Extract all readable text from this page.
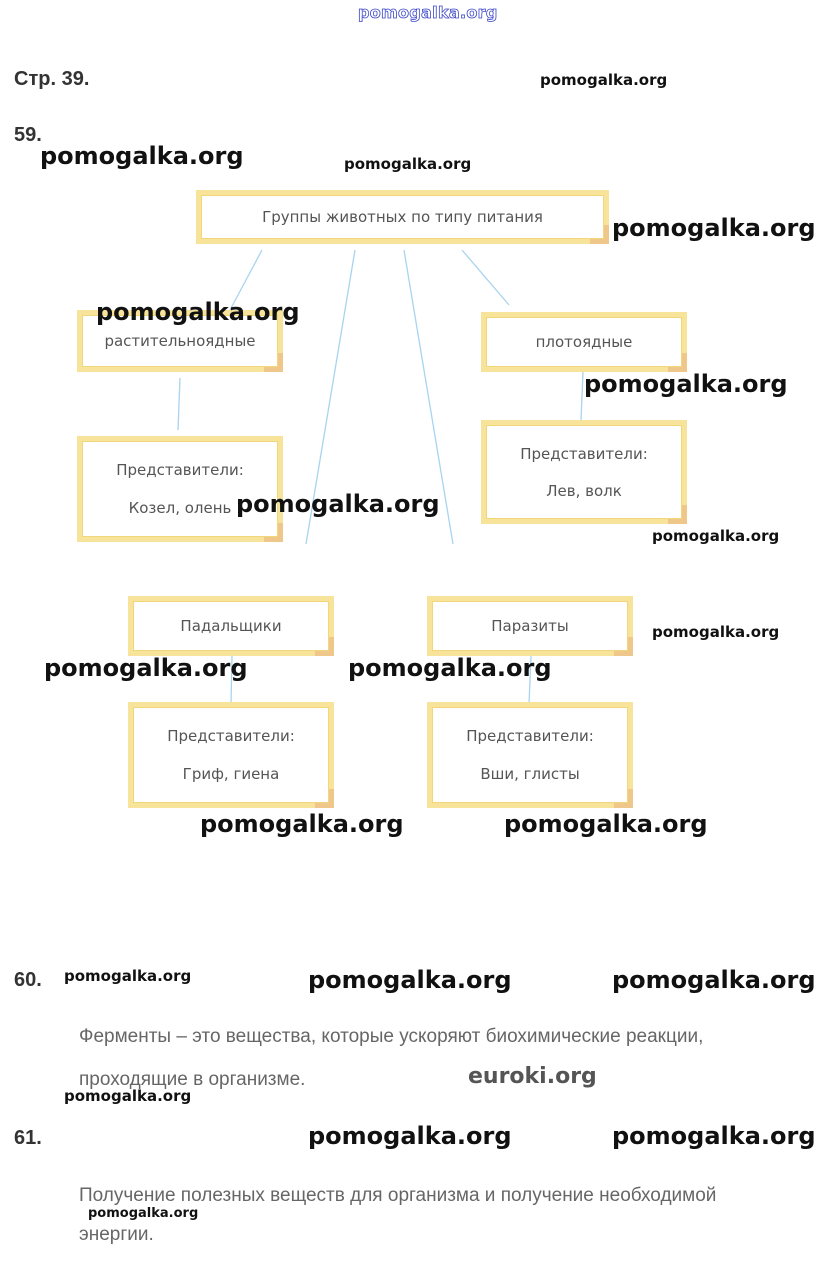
pomogalka.org
Стр. 39.
59.
Группы животных по типу питания
растительноядные	плотоядные
Представители:
Козел, олень
Представители:
Лев, волк
Падальщики	Паразиты
Представители:
Гриф, гиена
Представители:
Вши, глисты
60.
Ферменты – это вещества, которые ускоряют биохимические реакции,
проходящие в организме.	euroki.org
61.
Получение полезных веществ для организма и получение необходимой
энергии.
pomogalka.org
pomogalka.org	pomogalka.org
pomogalka.org
pomogalka.org
pomogalka.org
pomogalka.org
pomogalka.org
pomogalka.org
pomogalka.org	pomogalka.org
pomogalka.org	pomogalka.org
pomogalka.org	pomogalka.org	pomogalka.org
pomogalka.org
pomogalka.org	pomogalka.org
pomogalka.org
